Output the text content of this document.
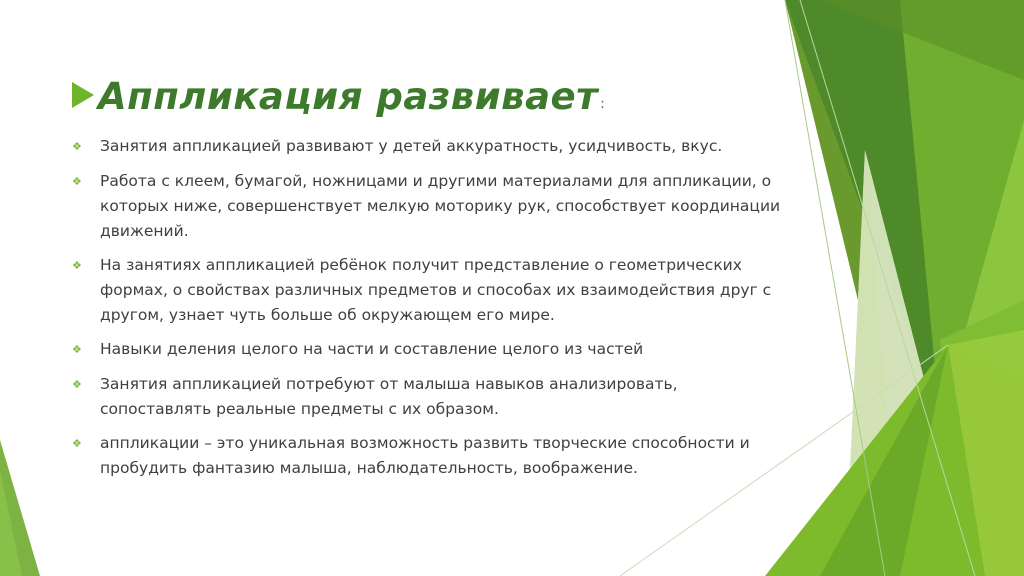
Аппликация развивает :
❖	Занятия аппликацией развивают у детей аккуратность, усидчивость, вкус.
❖	Работа с клеем, бумагой, ножницами и другими материалами для аппликации, о которых ниже, совершенствует мелкую моторику рук, способствует координации движений.
❖	На занятиях аппликацией ребёнок получит представление о геометрических формах, о свойствах различных предметов и способах их взаимодействия друг с другом, узнает чуть больше об окружающем его мире.
❖	Навыки деления целого на части и составление целого из частей
❖	Занятия аппликацией потребуют от малыша навыков анализировать, сопоставлять реальные предметы с их образом.
❖	аппликации – это уникальная возможность развить творческие способности и пробудить фантазию малыша, наблюдательность, воображение.
